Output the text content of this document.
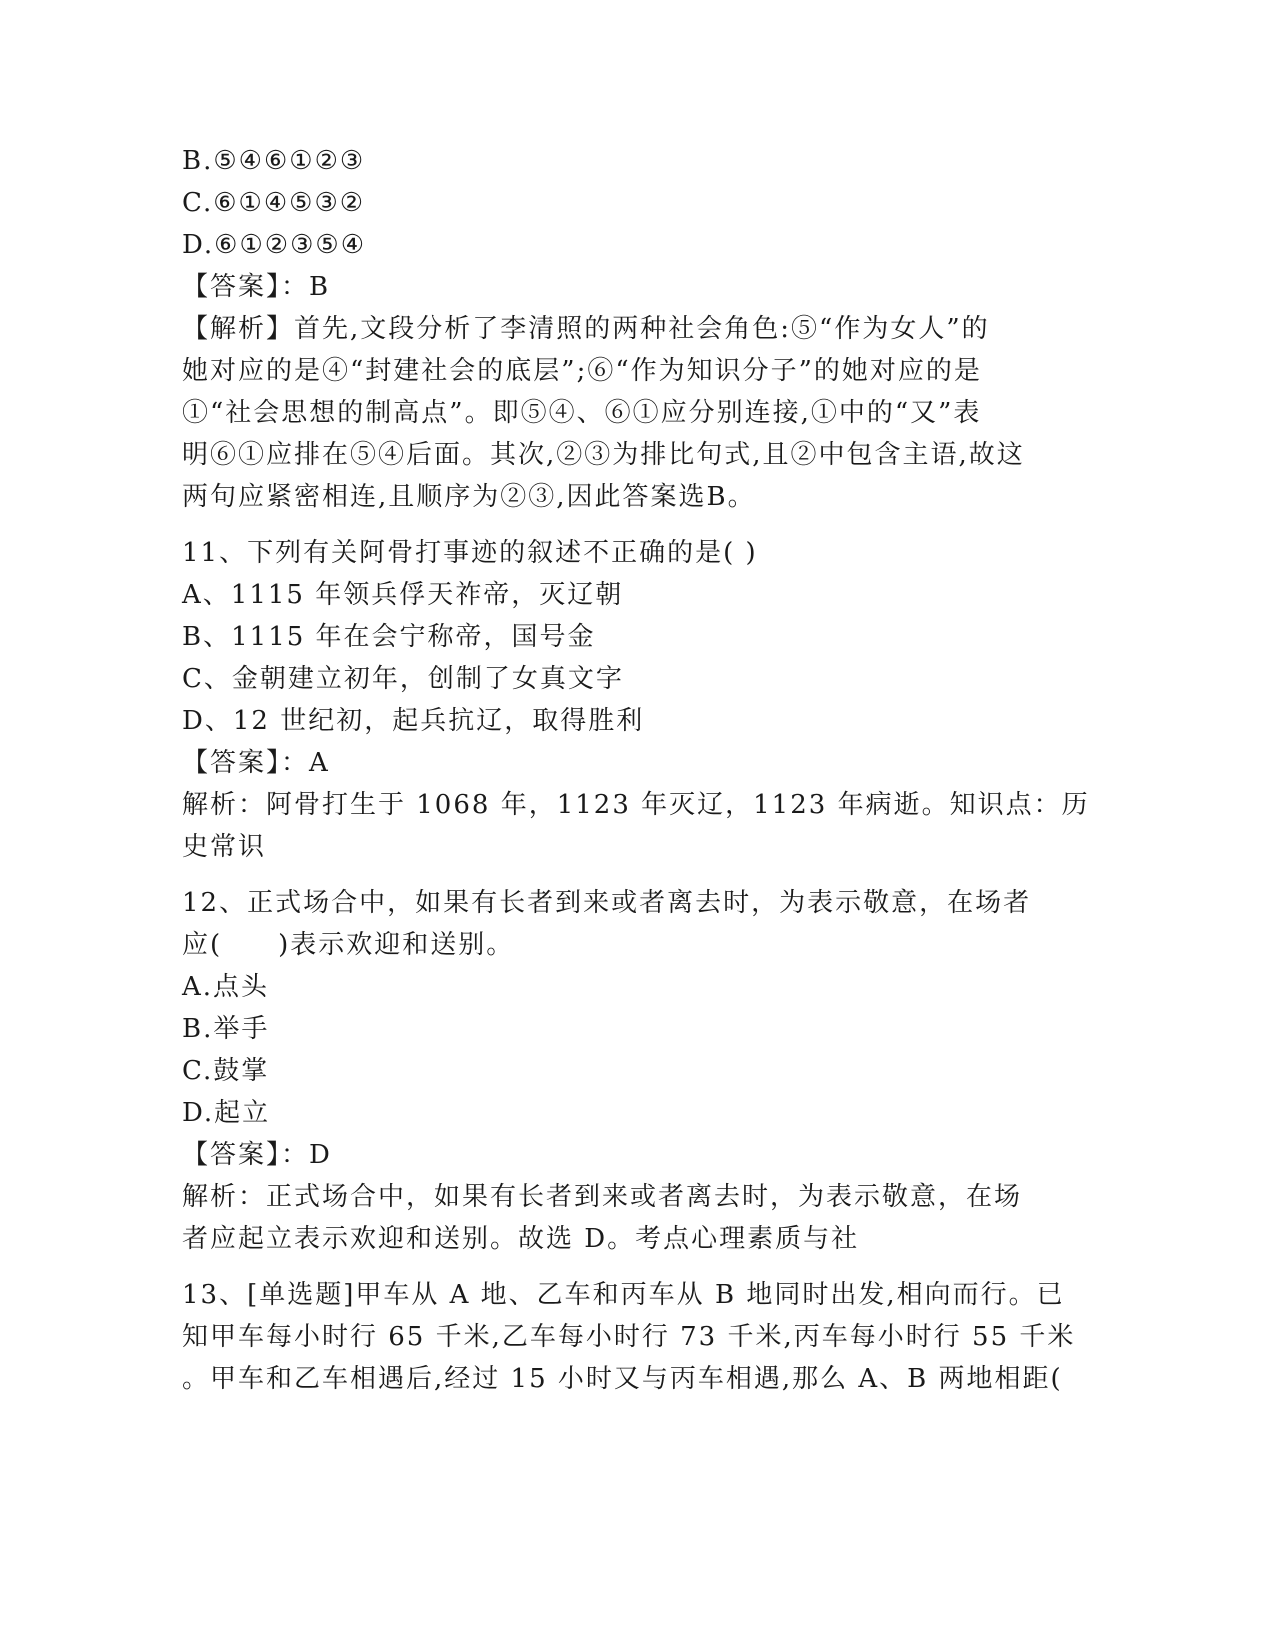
B.⑤④⑥①②③
C.⑥①④⑤③②
D.⑥①②③⑤④
【答案】：B
【解析】首先,文段分析了李清照的两种社会角色:⑤“作为女人”的
她对应的是④“封建社会的底层”;⑥“作为知识分子”的她对应的是
①“社会思想的制高点”。即⑤④、⑥①应分别连接,①中的“又”表
明⑥①应排在⑤④后面。其次,②③为排比句式,且②中包含主语,故这
两句应紧密相连,且顺序为②③,因此答案选B。
11、下列有关阿骨打事迹的叙述不正确的是( )
A、1115 年领兵俘天祚帝，灭辽朝
B、1115 年在会宁称帝，国号金
C、金朝建立初年，创制了女真文字
D、12 世纪初，起兵抗辽，取得胜利
【答案】：A
解析：阿骨打生于 1068 年，1123 年灭辽，1123 年病逝。知识点：历
史常识
12、正式场合中，如果有长者到来或者离去时，为表示敬意，在场者
应(　　)表示欢迎和送别。
A.点头
B.举手
C.鼓掌
D.起立
【答案】：D
解析：正式场合中，如果有长者到来或者离去时，为表示敬意，在场
者应起立表示欢迎和送别。故选 D。考点心理素质与社
13、[单选题]甲车从 A 地、乙车和丙车从 B 地同时出发,相向而行。已
知甲车每小时行 65 千米,乙车每小时行 73 千米,丙车每小时行 55 千米
。甲车和乙车相遇后,经过 15 小时又与丙车相遇,那么 A、B 两地相距(
